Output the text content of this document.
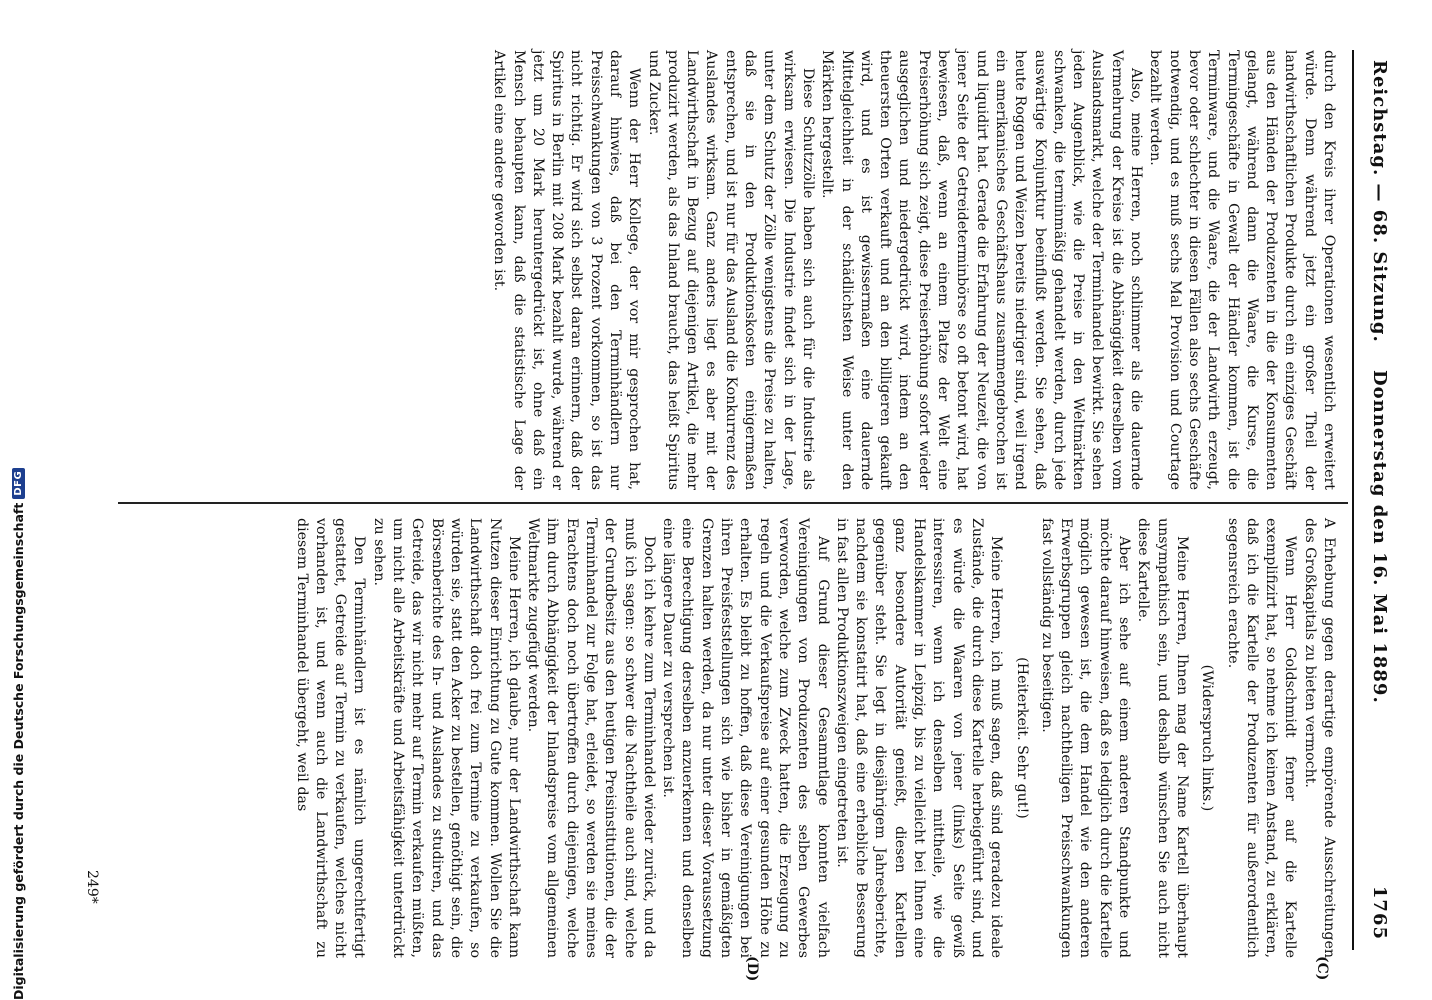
Reichstag. — 68. Sitzung.
Donnerstag den 16. Mai 1889.
1765
(C)
(D)

durch den Kreis ihrer Operationen wesentlich erweitert würde. Denn während jetzt ein großer Theil der landwirthschaftlichen Produkte durch ein einziges Geschäft aus den Händen der Produzenten in die der Konsumenten gelangt, während dann die Waare, die Kurse, die Termingeschäfte in Gewalt der Händler kommen, ist die Terminware, und die Waare, die der Landwirth erzeugt, bevor oder schlechter in diesen Fällen also sechs Geschäfte notwendig, und es muß sechs Mal Provision und Courtage bezahlt werden.

Also, meine Herren, noch schlimmer als die dauernde Vermehrung der Kreise ist die Abhängigkeit derselben vom Auslandsmarkt, welche der Terminhandel bewirkt. Sie sehen jeden Augenblick, wie die Preise in den Weltmärkten schwanken, die terminmäßig gehandelt werden, durch jede auswärtige Konjunktur beeinflußt werden. Sie sehen, daß heute Roggen und Weizen bereits niedriger sind, weil irgend ein amerikanisches Geschäftshaus zusammengebrochen ist und liquidirt hat. Gerade die Erfahrung der Neuzeit, die von jener Seite der Getreideterminbörse so oft betont wird, hat bewiesen, daß, wenn an einem Platze der Welt eine Preiserhöhung sich zeigt, diese Preiserhöhung sofort wieder ausgeglichen und niedergedrückt wird, indem an den theuersten Orten verkauft und an den billigeren gekauft wird, und es ist gewissermaßen eine dauernde Mittelgleichheit in der schädlichsten Weise unter den Märkten hergestellt.

Diese Schutzzölle haben sich auch für die Industrie als wirksam erwiesen. Die Industrie findet sich in der Lage, unter dem Schutz der Zölle wenigstens die Preise zu halten, daß sie in den Produktionskosten einigermaßen entsprechen, und ist nur für das Ausland die Konkurrenz des Auslandes wirksam. Ganz anders liegt es aber mit der Landwirthschaft in Bezug auf diejenigen Artikel, die mehr produzirt werden, als das Inland braucht, das heißt Spiritus und Zucker.

Wenn der Herr Kollege, der vor mir gesprochen hat, darauf hinwies, daß bei den Terminhändlern nur Preisschwankungen von 3 Prozent vorkommen, so ist das nicht richtig. Er wird sich selbst daran erinnern, daß der Spiritus in Berlin mit 208 Mark bezahlt wurde, während er jetzt um 20 Mark heruntergedrückt ist, ohne daß ein Mensch behaupten kann, daß die statistische Lage der Artikel eine andere geworden ist.

A Erhebung gegen derartige empörende Ausschreitungen des Großkapitals zu bieten vermocht.

Wenn Herr Goldschmidt ferner auf die Kartelle exemplifizirt hat, so nehme ich keinen Anstand, zu erklären, daß ich die Kartelle der Produzenten für außerordentlich segensreich erachte.

(Widerspruch links.)

Meine Herren, Ihnen mag der Name Kartell überhaupt unsympathisch sein, und deshalb wünschen Sie auch nicht diese Kartelle.

Aber ich sehe auf einem anderen Standpunkte und möchte darauf hinweisen, daß es lediglich durch die Kartelle möglich gewesen ist, die dem Handel wie den anderen Erwerbsgruppen gleich nachtheiligen Preisschwankungen fast vollständig zu beseitigen.

(Heiterkeit. Sehr gut!)

Meine Herren, ich muß sagen, daß sind geradezu ideale Zustände, die durch diese Kartelle herbeigeführt sind, und es würde die Waaren von jener (links) Seite gewiß interessiren, wenn ich denselben mittheile, wie die Handelskammer in Leipzig, bis zu vielleicht bei Ihnen eine ganz besondere Autorität genießt, diesen Kartellen gegenüber steht. Sie legt in diesjährigem Jahresberichte, nachdem sie konstatirt hat, daß eine erhebliche Besserung in fast allen Produktionszweigen eingetreten ist.

Auf Grund dieser Gesammtlage konnten vielfach Vereinigungen von Produzenten des selben Gewerbes verworden, welche zum Zweck hatten, die Erzeugung zu regeln und die Verkaufspreise auf einer gesunden Höhe zu erhalten. Es bleibt zu hoffen, daß diese Vereinigungen bei ihren Preisfeststellungen sich wie bisher in gemäßigten Grenzen halten werden, da nur unter dieser Voraussetzung eine Berechtigung derselben anzuerkennen und denselben eine längere Dauer zu versprechen ist.

Doch ich kehre zum Terminhandel wieder zurück, und da muß ich sagen: so schwer die Nachtheile auch sind, welche der Grundbesitz aus den heutigen Preisinstitutionen, die der Terminhandel zur Folge hat, erleidet, so werden sie meines Erachtens doch noch übertroffen durch diejenigen, welche ihm durch Abhängigkeit der Inlandspreise vom allgemeinen Weltmarkte zugefügt werden.

Meine Herren, ich glaube, nur der Landwirthschaft kann Nutzen dieser Einrichtung zu Gute kommen. Wollen Sie die Landwirthschaft doch frei zum Termine zu verkaufen, so würden sie, statt den Acker zu bestellen, genöthigt sein, die Börsenberichte des In- und Auslandes zu studiren, und das Getreide, das wir nicht mehr auf Termin verkaufen müßten, um nicht alle Arbeitskräfte und Arbeitsfähigkeit unterdrückt zu sehen.

Den Terminhändlern ist es nämlich ungerechtfertigt gestattet, Getreide auf Termin zu verkaufen, welches nicht vorhanden ist, und wenn auch die Landwirthschaft zu diesem Terminhandel übergeht, weil das

249*
Digitalisierung gefördert durch die Deutsche Forschungsgemeinschaft
DFG
